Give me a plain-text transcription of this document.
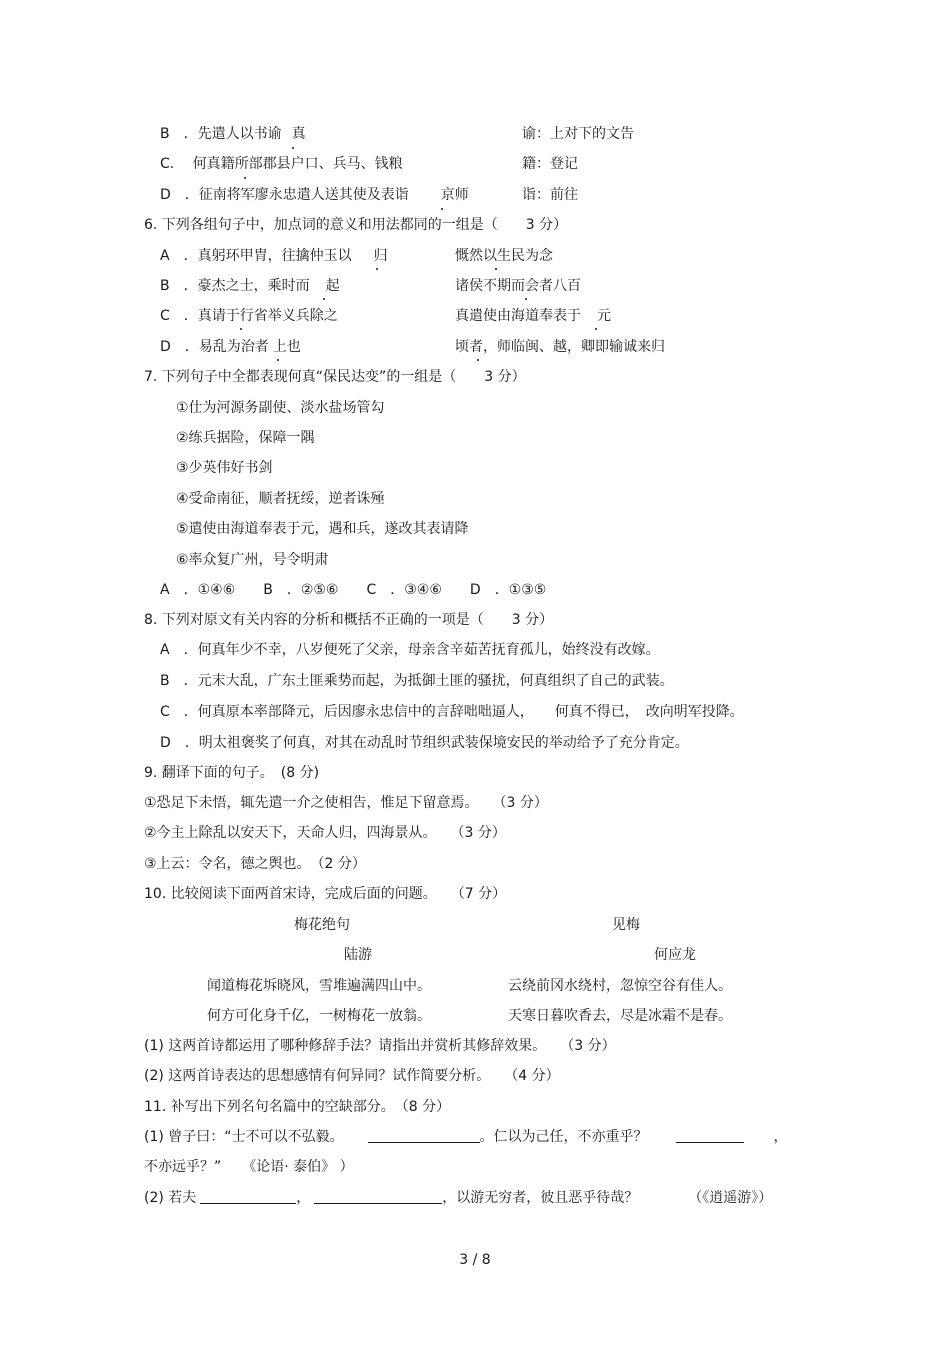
B　．先遣人以书谕 真	谕：上对下的文告
C.　 何真籍所部郡县户口、兵马、钱粮	籍：登记
D　．征南将军廖永忠遣人送其使及表诣 京师	诣：前往
6. 下列各组句子中，加点词的意义和用法都同的一组是（　　3 分）
A　．真躬环甲胄，往擒仲玉以 归	慨然以生民为念
B　．豪杰之士，乘时而 起	诸侯不期而会者八百
C　．真请于行省举义兵除之	真遣使由海道奉表于 元
D　．易乱为治者 上也	顷者，师临闽、越，卿即输诚来归
7. 下列句子中全都表现何真“保民达变”的一组是（　　3 分）
①仕为河源务副使、淡水盐场管勾
②练兵据险，保障一隅
③少英伟好书剑
④受命南征，顺者抚绥，逆者诛殛
⑤遣使由海道奉表于元，遇和兵，遂改其表请降
⑥率众复广州，号令明肃
A　．①④⑥　　B　．②⑤⑥　　C　．③④⑥　　D　．①③⑤
8. 下列对原文有关内容的分析和概括不正确的一项是（　　3 分）
A　．何真年少不幸，八岁便死了父亲，母亲含辛茹苦抚育孤儿，始终没有改嫁。
B　．元末大乱，广东土匪乘势而起，为抵御土匪的骚扰，何真组织了自己的武装。
C　．何真原本率部降元，后因廖永忠信中的言辞咄咄逼人，　　何真不得已，　改向明军投降。
D　．明太祖褒奖了何真，对其在动乱时节组织武装保境安民的举动给予了充分肯定。
9. 翻译下面的句子。　(8 分)
①恐足下未悟，辄先遣一介之使相告，惟足下留意焉。　　（3 分）
②今主上除乱以安天下，天命人归，四海景从。　　（3 分）
③上云：令名，德之舆也。　（2 分）
10. 比较阅读下面两首宋诗，完成后面的问题。　　（7 分）
梅花绝句	见梅
陆游	何应龙
闻道梅花坼晓风，雪堆遍满四山中。	云绕前冈水绕村，忽惊空谷有佳人。
何方可化身千亿，一树梅花一放翁。	天寒日暮吹香去，尽是冰霜不是春。
(1) 这两首诗都运用了哪种修辞手法？请指出并赏析其修辞效果。　　（3 分）
(2) 这两首诗表达的思想感情有何异同？试作简要分析。　　（4 分）
11. 补写出下列名句名篇中的空缺部分。　（8 分）
(1) 曾子曰：“士不可以不弘毅。	。仁以为己任，不亦重乎？	，
不亦远乎？”　　《论语· 泰伯》 ）
(2) 若夫	，	，以游无穷者，彼且恶乎待哉？	（《逍遥游》）
3 / 8
